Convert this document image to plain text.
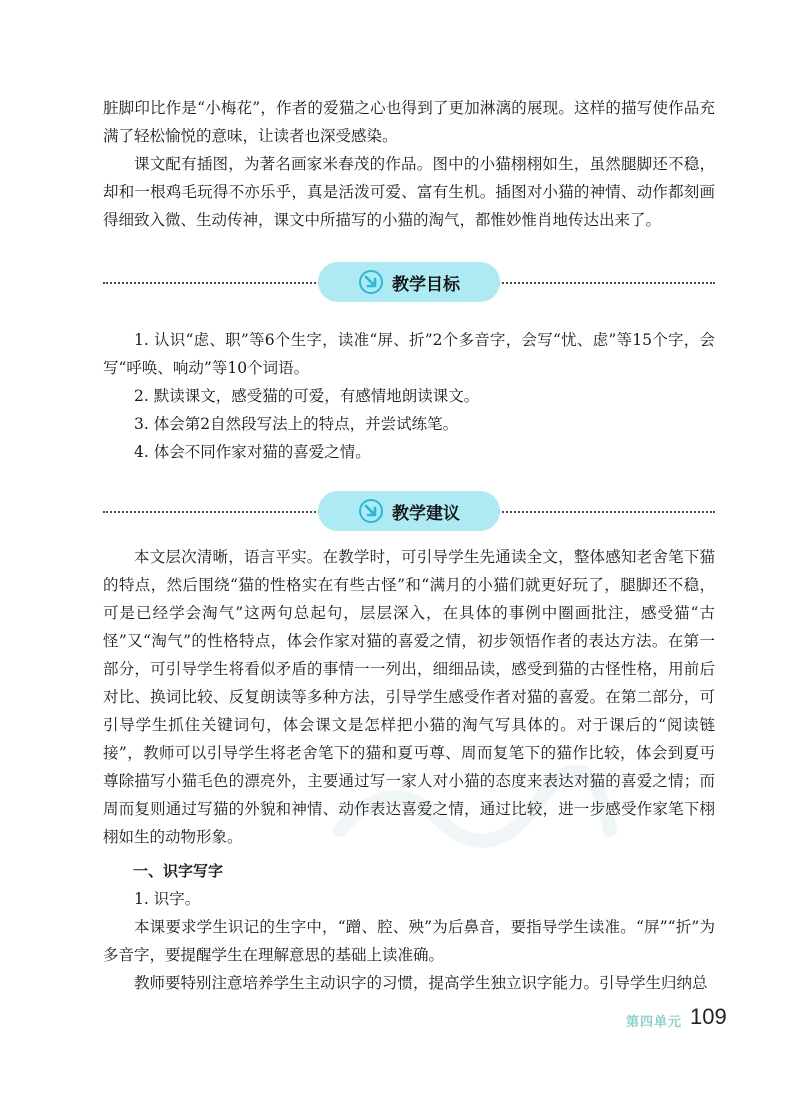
脏脚印比作是“小梅花”，作者的爱猫之心也得到了更加淋漓的展现。这样的描写使作品充满了轻松愉悦的意味，让读者也深受感染。

课文配有插图，为著名画家米春茂的作品。图中的小猫栩栩如生，虽然腿脚还不稳，却和一根鸡毛玩得不亦乐乎，真是活泼可爱、富有生机。插图对小猫的神情、动作都刻画得细致入微、生动传神，课文中所描写的小猫的淘气，都惟妙惟肖地传达出来了。

教学目标

1. 认识“虑、职”等6个生字，读准“屏、折”2个多音字，会写“忧、虑”等15个字，会写“呼唤、响动”等10个词语。

2. 默读课文，感受猫的可爱，有感情地朗读课文。

3. 体会第2自然段写法上的特点，并尝试练笔。

4. 体会不同作家对猫的喜爱之情。

教学建议

本文层次清晰，语言平实。在教学时，可引导学生先通读全文，整体感知老舍笔下猫的特点，然后围绕“猫的性格实在有些古怪”和“满月的小猫们就更好玩了，腿脚还不稳，可是已经学会淘气”这两句总起句，层层深入，在具体的事例中圈画批注，感受猫“古怪”又“淘气”的性格特点，体会作家对猫的喜爱之情，初步领悟作者的表达方法。在第一部分，可引导学生将看似矛盾的事情一一列出，细细品读，感受到猫的古怪性格，用前后对比、换词比较、反复朗读等多种方法，引导学生感受作者对猫的喜爱。在第二部分，可引导学生抓住关键词句，体会课文是怎样把小猫的淘气写具体的。对于课后的“阅读链接”，教师可以引导学生将老舍笔下的猫和夏丏尊、周而复笔下的猫作比较，体会到夏丏尊除描写小猫毛色的漂亮外，主要通过写一家人对小猫的态度来表达对猫的喜爱之情；而周而复则通过写猫的外貌和神情、动作表达喜爱之情，通过比较，进一步感受作家笔下栩栩如生的动物形象。

一、识字写字

1. 识字。

本课要求学生识记的生字中，“蹭、腔、殃”为后鼻音，要指导学生读准。“屏”“折”为多音字，要提醒学生在理解意思的基础上读准确。

教师要特别注意培养学生主动识字的习惯，提高学生独立识字能力。引导学生归纳总

第四单元 109
